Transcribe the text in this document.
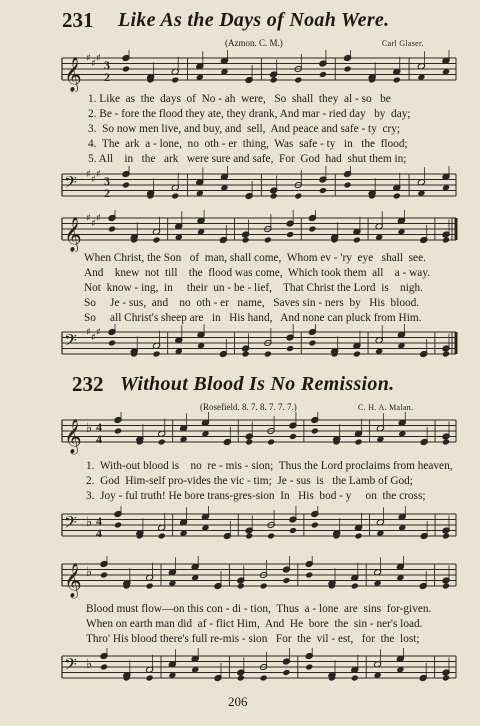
231 Like As the Days of Noah Were.
(Azmon. C. M.)	Carl Glaser.
𝄞 ♯ ♯ ♯ 3
2
1. Like  as  the  days  of  No - ah  were,   So  shall  they  al - so   be
2. Be - fore the flood they ate, they drank, And mar - ried day   by  day;
3.  So now men live, and buy, and  sell,  And peace and safe - ty  cry;
4.  The  ark  a - lone,  no  oth - er  thing,  Was  safe - ty   in   the  flood;
5. All    in   the   ark   were sure and safe,  For  God  had  shut them in;
𝄢 ♯ ♯ ♯ 3
2
𝄞 ♯ ♯ ♯
When Christ, the Son   of  man, shall come,  Whom ev - 'ry  eye   shall  see.
And    knew  not  till    the  flood was come,  Which took them  all    a - way.
Not  know - ing,  in     their  un - be - lief,    That Christ the Lord  is    nigh.
So     Je - sus,  and    no  oth - er   name,   Saves sin - ners  by   His  blood.
So     all Christ's sheep are   in   His hand,   And none can pluck from Him.
𝄢 ♯ ♯ ♯
232 Without Blood Is No Remission.
(Rosefield. 8. 7. 8. 7. 7. 7.)	C. H. A. Malan.
𝄞 ♭ 4
4
1.  With-out blood is    no  re - mis - sion;  Thus the Lord proclaims from heaven,
2.  God  Him-self pro-vides the vic - tim;  Je - sus  is   the Lamb of God;
3.  Joy - ful truth! He bore trans-gres-sion  In   His  bod - y     on  the cross;
𝄢 ♭ 4
4
𝄞 ♭
Blood must flow—on this con - di - tion,  Thus  a - lone  are  sins  for-given.
When on earth man did  af - flict Him,  And  He  bore  the  sin - ner's load.
Thro' His blood there's full re-mis - sion   For  the  vil - est,   for  the  lost;
𝄢 ♭
206
